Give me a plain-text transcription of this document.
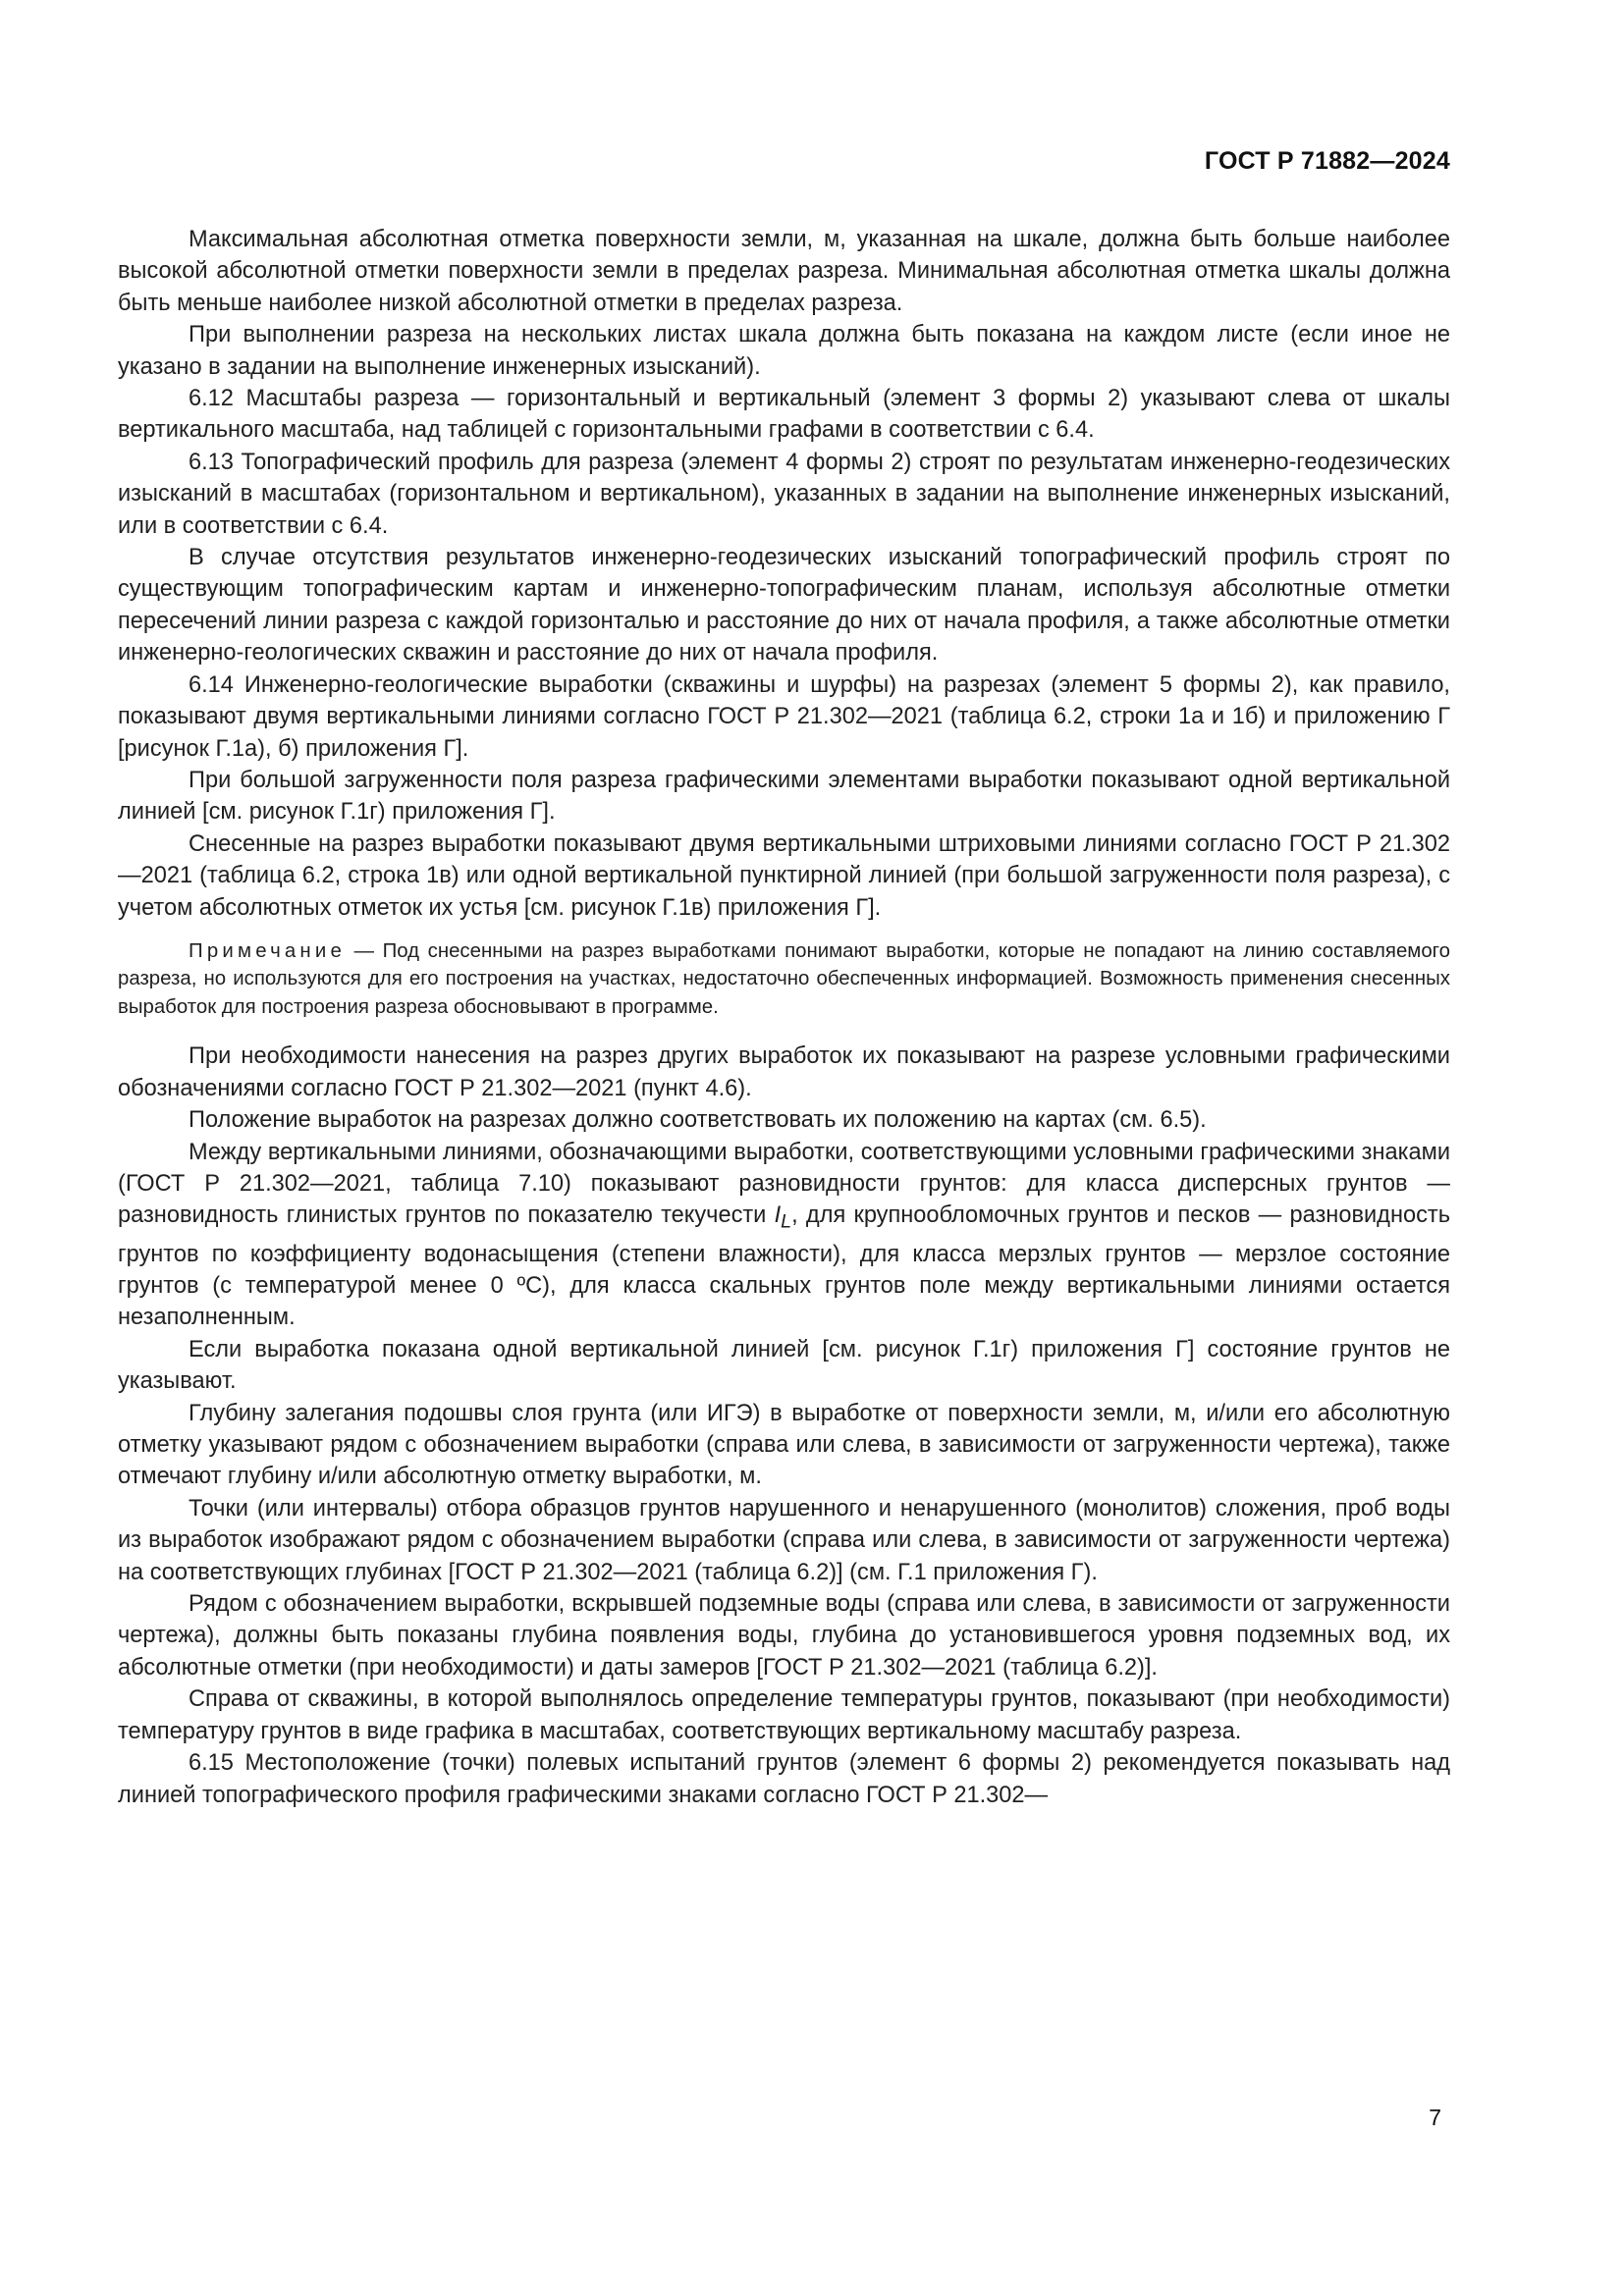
ГОСТ Р 71882—2024

Максимальная абсолютная отметка поверхности земли, м, указанная на шкале, должна быть больше наиболее высокой абсолютной отметки поверхности земли в пределах разреза. Минимальная абсолютная отметка шкалы должна быть меньше наиболее низкой абсолютной отметки в пределах разреза.

При выполнении разреза на нескольких листах шкала должна быть показана на каждом листе (если иное не указано в задании на выполнение инженерных изысканий).

6.12 Масштабы разреза — горизонтальный и вертикальный (элемент 3 формы 2) указывают слева от шкалы вертикального масштаба, над таблицей с горизонтальными графами в соответствии с 6.4.

6.13 Топографический профиль для разреза (элемент 4 формы 2) строят по результатам инженерно-геодезических изысканий в масштабах (горизонтальном и вертикальном), указанных в задании на выполнение инженерных изысканий, или в соответствии с 6.4.

В случае отсутствия результатов инженерно-геодезических изысканий топографический профиль строят по существующим топографическим картам и инженерно-топографическим планам, используя абсолютные отметки пересечений линии разреза с каждой горизонталью и расстояние до них от начала профиля, а также абсолютные отметки инженерно-геологических скважин и расстояние до них от начала профиля.

6.14 Инженерно-геологические выработки (скважины и шурфы) на разрезах (элемент 5 формы 2), как правило, показывают двумя вертикальными линиями согласно ГОСТ Р 21.302—2021 (таблица 6.2, строки 1а и 1б) и приложению Г [рисунок Г.1а), б) приложения Г].

При большой загруженности поля разреза графическими элементами выработки показывают одной вертикальной линией [см. рисунок Г.1г) приложения Г].

Снесенные на разрез выработки показывают двумя вертикальными штриховыми линиями согласно ГОСТ Р 21.302—2021 (таблица 6.2, строка 1в) или одной вертикальной пунктирной линией (при большой загруженности поля разреза), с учетом абсолютных отметок их устья [см. рисунок Г.1в) приложения Г].

Примечание — Под снесенными на разрез выработками понимают выработки, которые не попадают на линию составляемого разреза, но используются для его построения на участках, недостаточно обеспеченных информацией. Возможность применения снесенных выработок для построения разреза обосновывают в программе.

При необходимости нанесения на разрез других выработок их показывают на разрезе условными графическими обозначениями согласно ГОСТ Р 21.302—2021 (пункт 4.6).

Положение выработок на разрезах должно соответствовать их положению на картах (см. 6.5).

Между вертикальными линиями, обозначающими выработки, соответствующими условными графическими знаками (ГОСТ Р 21.302—2021, таблица 7.10) показывают разновидности грунтов: для класса дисперсных грунтов — разновидность глинистых грунтов по показателю текучести $I_L$, для крупнообломочных грунтов и песков — разновидность грунтов по коэффициенту водонасыщения (степени влажности), для класса мерзлых грунтов — мерзлое состояние грунтов (с температурой менее 0 ºС), для класса скальных грунтов поле между вертикальными линиями остается незаполненным.

Если выработка показана одной вертикальной линией [см. рисунок Г.1г) приложения Г] состояние грунтов не указывают.

Глубину залегания подошвы слоя грунта (или ИГЭ) в выработке от поверхности земли, м, и/или его абсолютную отметку указывают рядом с обозначением выработки (справа или слева, в зависимости от загруженности чертежа), также отмечают глубину и/или абсолютную отметку выработки, м.

Точки (или интервалы) отбора образцов грунтов нарушенного и ненарушенного (монолитов) сложения, проб воды из выработок изображают рядом с обозначением выработки (справа или слева, в зависимости от загруженности чертежа) на соответствующих глубинах [ГОСТ Р 21.302—2021 (таблица 6.2)] (см. Г.1 приложения Г).

Рядом с обозначением выработки, вскрывшей подземные воды (справа или слева, в зависимости от загруженности чертежа), должны быть показаны глубина появления воды, глубина до установившегося уровня подземных вод, их абсолютные отметки (при необходимости) и даты замеров [ГОСТ Р 21.302—2021 (таблица 6.2)].

Справа от скважины, в которой выполнялось определение температуры грунтов, показывают (при необходимости) температуру грунтов в виде графика в масштабах, соответствующих вертикальному масштабу разреза.

6.15 Местоположение (точки) полевых испытаний грунтов (элемент 6 формы 2) рекомендуется показывать над линией топографического профиля графическими знаками согласно ГОСТ Р 21.302—

7
